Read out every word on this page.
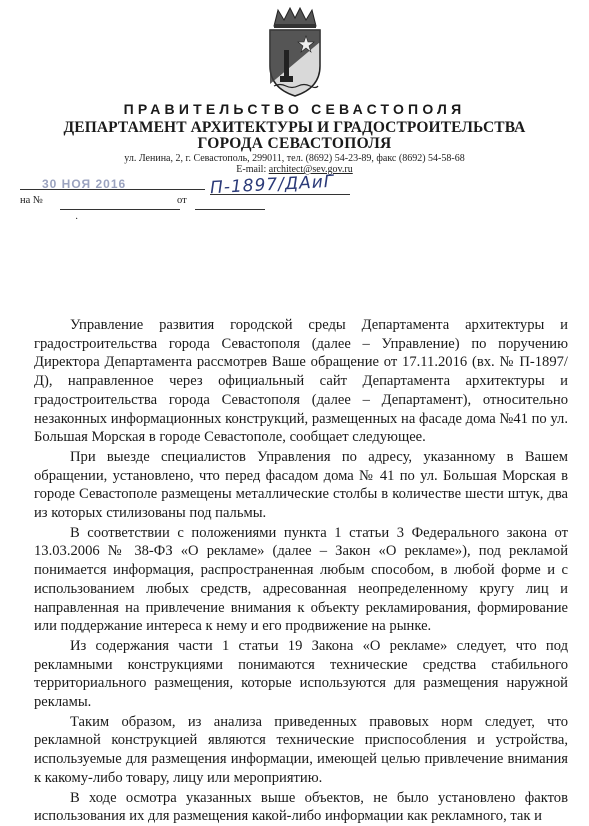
ПРАВИТЕЛЬСТВО СЕВАСТОПОЛЯ
ДЕПАРТАМЕНТ АРХИТЕКТУРЫ И ГРАДОСТРОИТЕЛЬСТВА
ГОРОДА СЕВАСТОПОЛЯ
ул. Ленина, 2, г. Севастополь, 299011, тел. (8692) 54-23-89, факс (8692) 54-58-68
E-mail: architect@sev.gov.ru
30 НОЯ 2016
на №	от
П-1897/ДАиГ
·

Управление развития городской среды Департамента архитектуры и градостроительства города Севастополя (далее – Управление) по поручению Директора Департамента рассмотрев Ваше обращение от 17.11.2016 (вх. № П-1897/Д), направленное через официальный сайт Департамента архитектуры и градостроительства города Севастополя (далее – Департамент), относительно незаконных информационных конструкций, размещенных на фасаде дома №41 по ул. Большая Морская в городе Севастополе, сообщает следующее.

При выезде специалистов Управления по адресу, указанному в Вашем обращении, установлено, что перед фасадом дома № 41 по ул. Большая Морская в городе Севастополе размещены металлические столбы в количестве шести штук, два из которых стилизованы под пальмы.

В соответствии с положениями пункта 1 статьи 3 Федерального закона от 13.03.2006 № 38-ФЗ «О рекламе» (далее – Закон «О рекламе»), под рекламой понимается информация, распространенная любым способом, в любой форме и с использованием любых средств, адресованная неопределенному кругу лиц и направленная на привлечение внимания к объекту рекламирования, формирование или поддержание интереса к нему и его продвижение на рынке.

Из содержания части 1 статьи 19 Закона «О рекламе» следует, что под рекламными конструкциями понимаются технические средства стабильного территориального размещения, которые используются для размещения наружной рекламы.

Таким образом, из анализа приведенных правовых норм следует, что рекламной конструкцией являются технические приспособления и устройства, используемые для размещения информации, имеющей целью привлечение внимания к какому-либо товару, лицу или мероприятию.

В ходе осмотра указанных выше объектов, не было установлено фактов использования их для размещения какой-либо информации как рекламного, так и
